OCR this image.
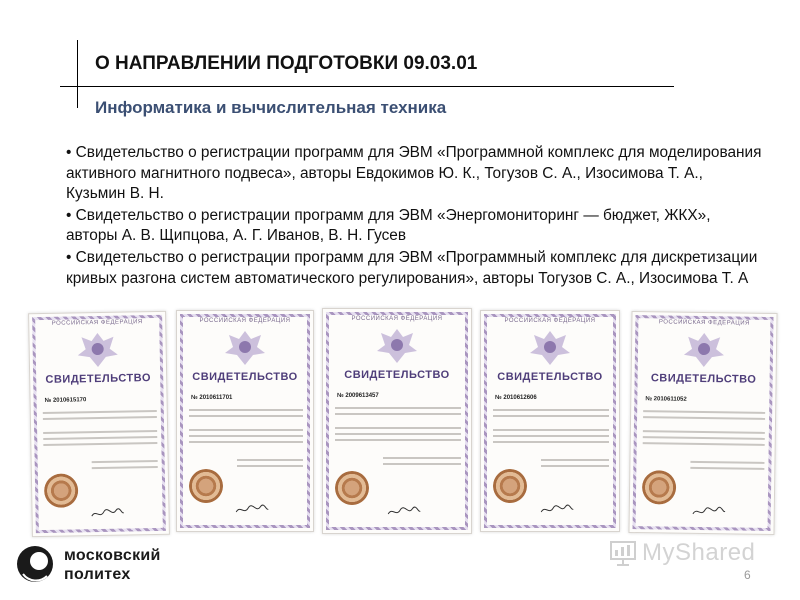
О НАПРАВЛЕНИИ ПОДГОТОВКИ 09.03.01
Информатика и вычислительная техника
• Свидетельство о регистрации программ для ЭВМ «Программной комплекс для моделирования активного магнитного подвеса», авторы Евдокимов Ю. К., Тогузов С. А., Изосимова Т. А., Кузьмин В. Н.
• Свидетельство о регистрации программ для ЭВМ «Энергомониторинг — бюджет, ЖКХ», авторы А. В. Щипцова, А. Г. Иванов, В. Н. Гусев
• Свидетельство о регистрации программ для ЭВМ «Программный комплекс для дискретизации кривых разгона систем автоматического регулирования», авторы Тогузов С. А., Изосимова Т. А
РОССИЙСКАЯ ФЕДЕРАЦИЯ
СВИДЕТЕЛЬСТВО
№ 2010615170
РОССИЙСКАЯ ФЕДЕРАЦИЯ
СВИДЕТЕЛЬСТВО
№ 2010611701
РОССИЙСКАЯ ФЕДЕРАЦИЯ
СВИДЕТЕЛЬСТВО
№ 2009613457
РОССИЙСКАЯ ФЕДЕРАЦИЯ
СВИДЕТЕЛЬСТВО
№ 2010612606
РОССИЙСКАЯ ФЕДЕРАЦИЯ
СВИДЕТЕЛЬСТВО
№ 2010611052
московский
политех
MyShared
6
